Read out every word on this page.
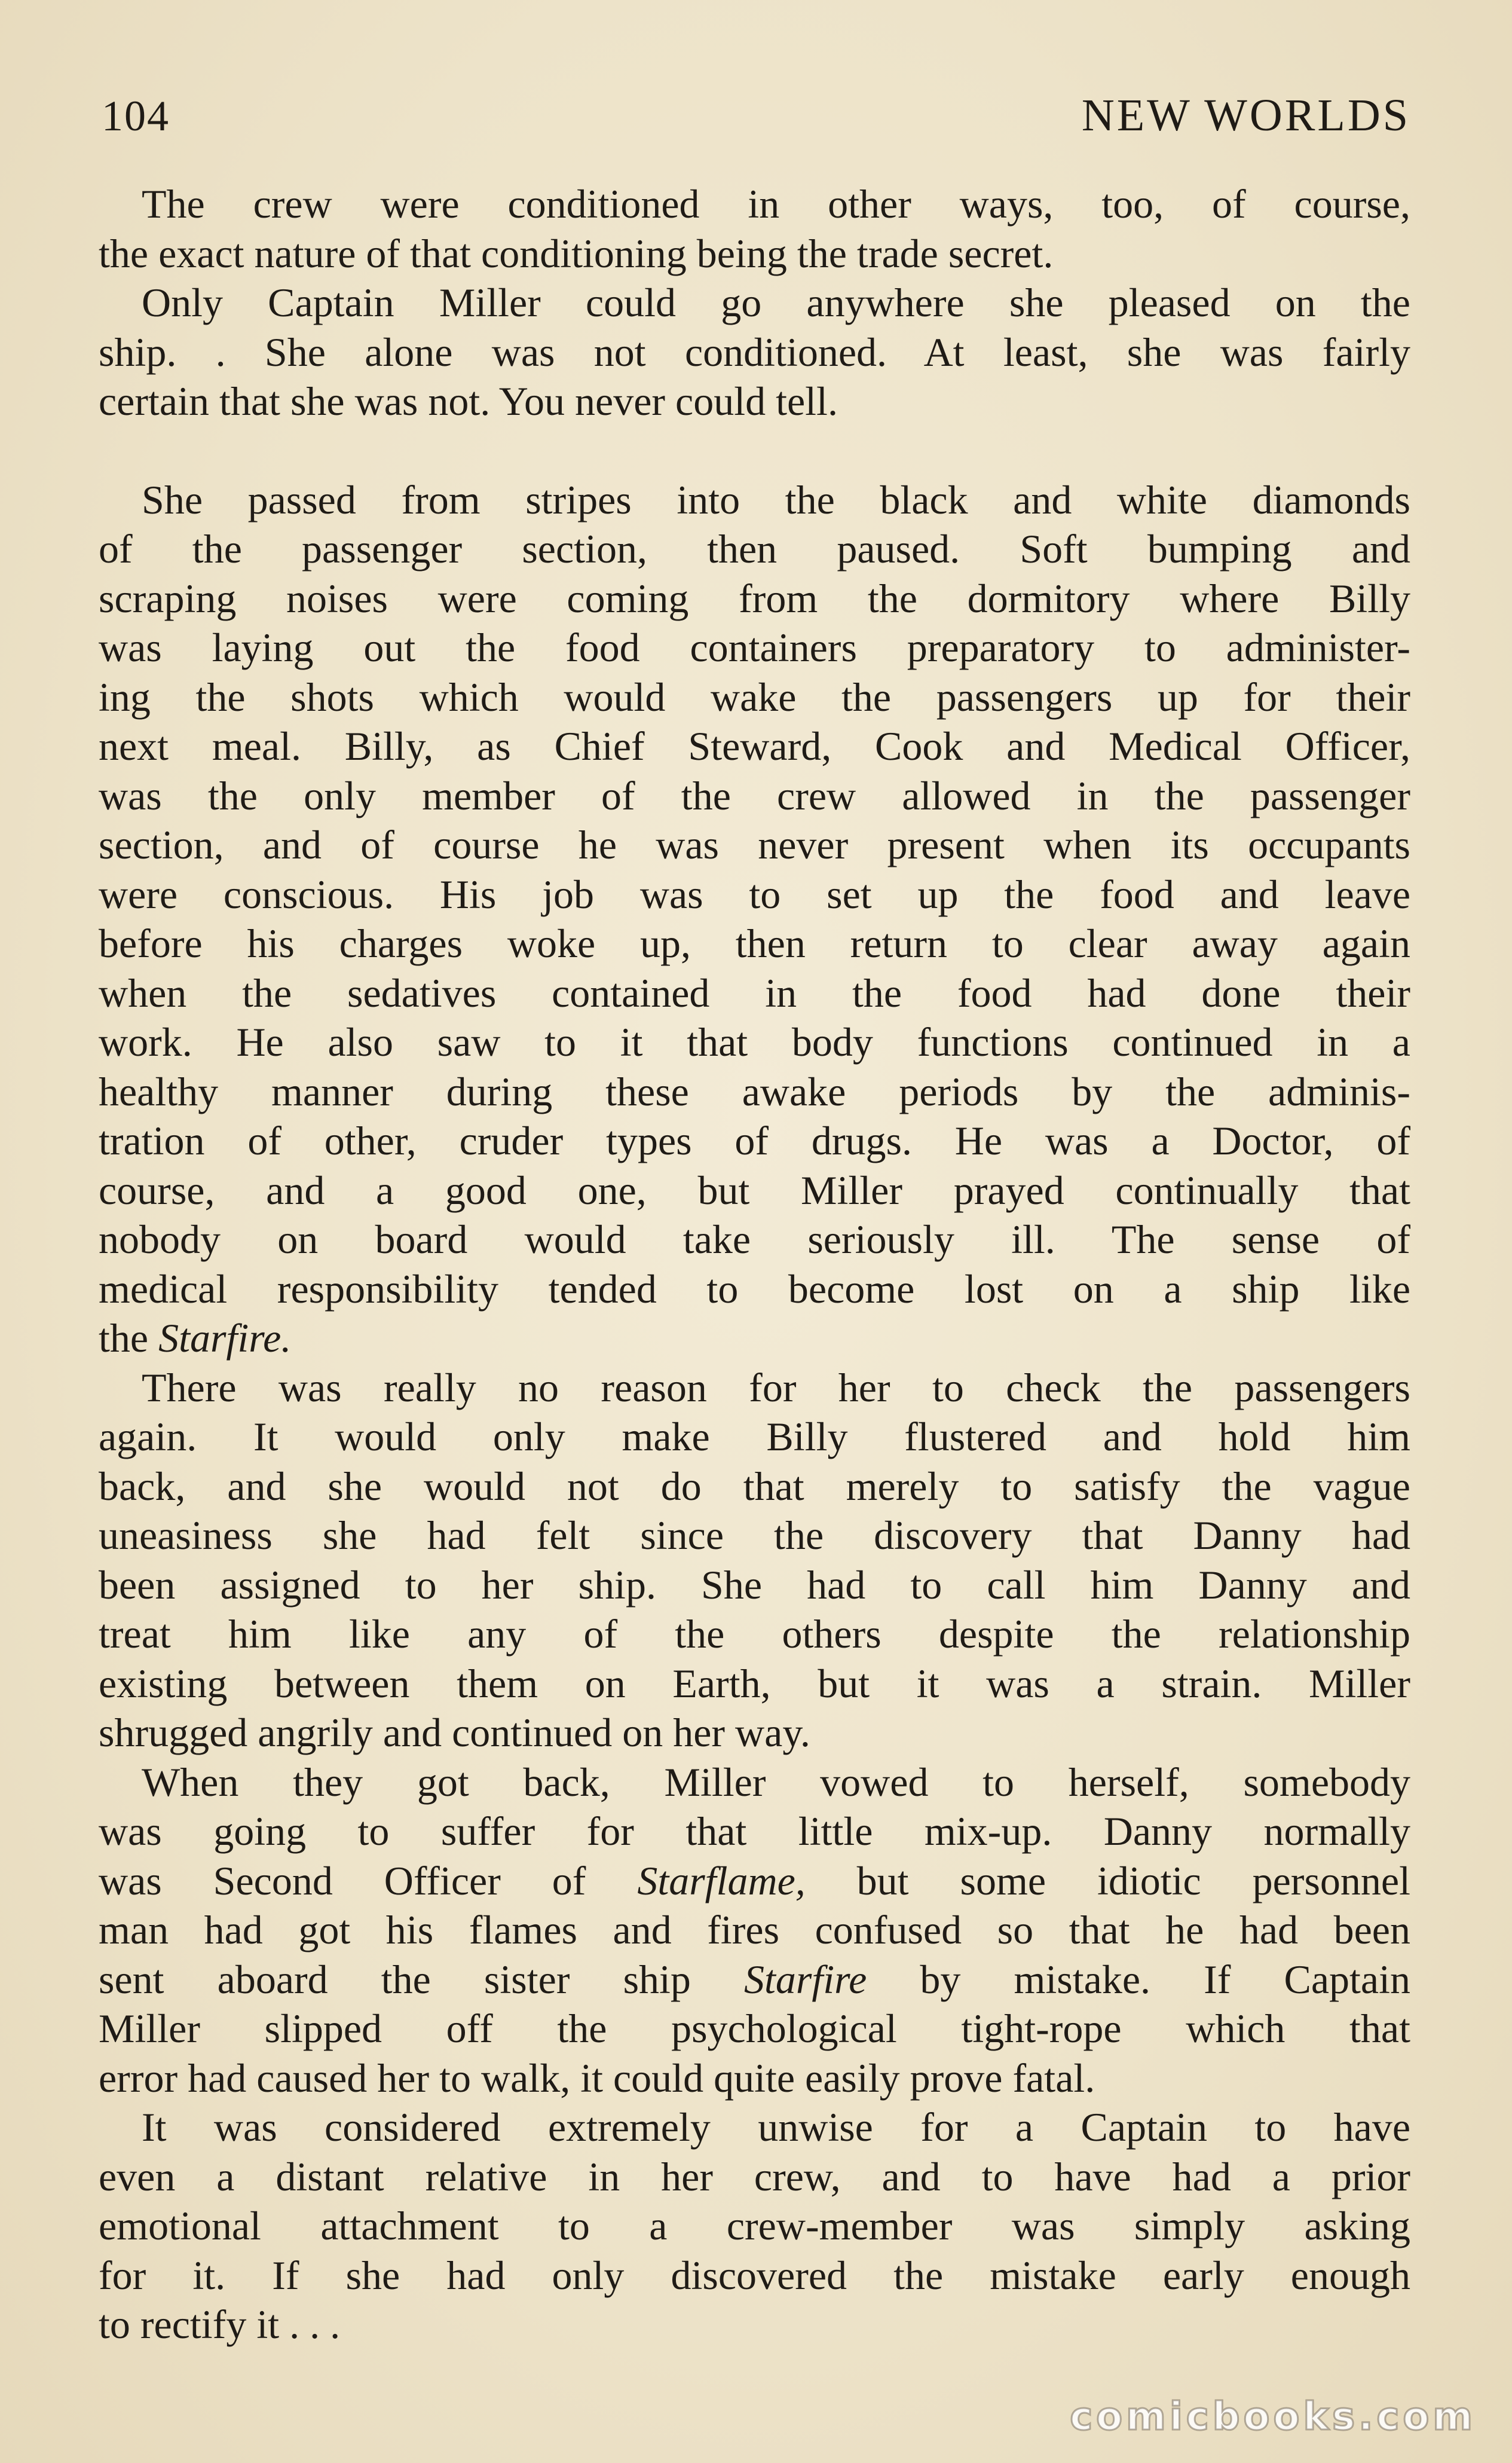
104	NEW WORLDS
The crew were conditioned in other ways, too, of course,
the exact nature of that conditioning being the trade secret.
Only Captain Miller could go anywhere she pleased on the
ship. . She alone was not conditioned. At least, she was fairly
certain that she was not. You never could tell.
She passed from stripes into the black and white diamonds
of the passenger section, then paused. Soft bumping and
scraping noises were coming from the dormitory where Billy
was laying out the food containers preparatory to administer-
ing the shots which would wake the passengers up for their
next meal. Billy, as Chief Steward, Cook and Medical Officer,
was the only member of the crew allowed in the passenger
section, and of course he was never present when its occupants
were conscious. His job was to set up the food and leave
before his charges woke up, then return to clear away again
when the sedatives contained in the food had done their
work. He also saw to it that body functions continued in a
healthy manner during these awake periods by the adminis-
tration of other, cruder types of drugs. He was a Doctor, of
course, and a good one, but Miller prayed continually that
nobody on board would take seriously ill. The sense of
medical responsibility tended to become lost on a ship like
the Starfire.
There was really no reason for her to check the passengers
again. It would only make Billy flustered and hold him
back, and she would not do that merely to satisfy the vague
uneasiness she had felt since the discovery that Danny had
been assigned to her ship. She had to call him Danny and
treat him like any of the others despite the relationship
existing between them on Earth, but it was a strain. Miller
shrugged angrily and continued on her way.
When they got back, Miller vowed to herself, somebody
was going to suffer for that little mix-up. Danny normally
was Second Officer of Starflame, but some idiotic personnel
man had got his flames and fires confused so that he had been
sent aboard the sister ship Starfire by mistake. If Captain
Miller slipped off the psychological tight-rope which that
error had caused her to walk, it could quite easily prove fatal.
It was considered extremely unwise for a Captain to have
even a distant relative in her crew, and to have had a prior
emotional attachment to a crew-member was simply asking
for it. If she had only discovered the mistake early enough
to rectify it . . .
comicbooks.com
